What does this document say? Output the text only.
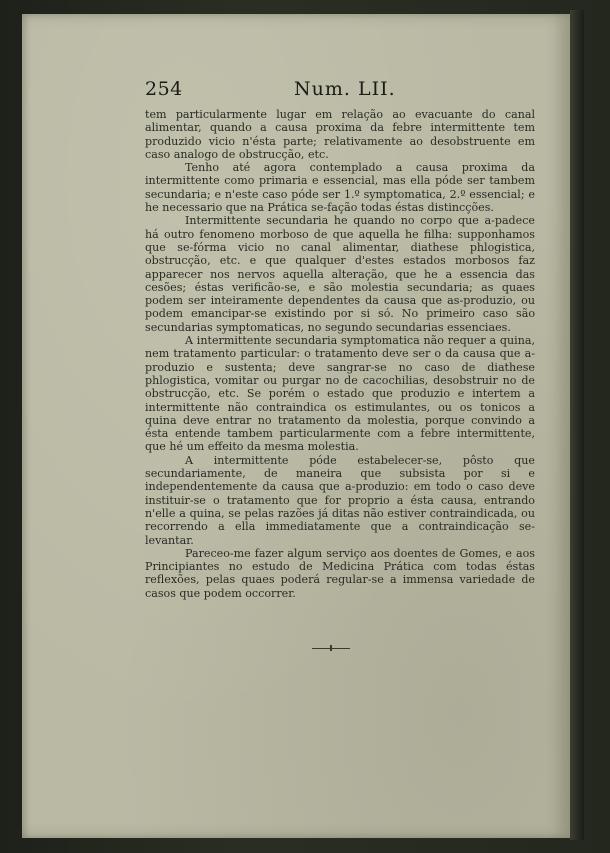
254	Num. LII.

tem particularmente lugar em relação ao evacuante do canal alimentar, quando a causa proxima da febre intermittente tem produzido vicio n'ésta parte; relativamente ao desobstruente em caso analogo de obstrucção, etc.

Tenho até agora contemplado a causa proxima da intermittente como primaria e essencial, mas ella póde ser tambem secundaria; e n'este caso póde ser 1.º symptomatica, 2.º essencial; e he necessario que na Prática se-fação todas éstas distincções.

Intermittente secundaria he quando no corpo que a-padece há outro fenomeno morboso de que aquella he filha: supponhamos que se-fórma vicio no canal alimentar, diathese phlogistica, obstrucção, etc. e que qualquer d'estes estados morbosos faz apparecer nos nervos aquella alteração, que he a essencia das cesões; éstas verificão-se, e são molestia secundaria; as quaes podem ser inteiramente dependentes da causa que as-produzio, ou podem emancipar-se existindo por si só. No primeiro caso são secundarias symptomaticas, no segundo secundarias essenciaes.

A intermittente secundaria symptomatica não requer a quina, nem tratamento particular: o tratamento deve ser o da causa que a-produzio e sustenta; deve sangrar-se no caso de diathese phlogistica, vomitar ou purgar no de cacochilias, desobstruir no de obstrucção, etc. Se porém o estado que produzio e intertem a intermittente não contraindica os estimulantes, ou os tonicos a quina deve entrar no tratamento da molestia, porque convindo a ésta entende tambem particularmente com a febre intermittente, que hé um effeito da mesma molestia.

A intermittente póde estabelecer-se, pôsto que secundariamente, de maneira que subsista por si e independentemente da causa que a-produzio: em todo o caso deve instituir-se o tratamento que for proprio a ésta causa, entrando n'elle a quina, se pelas razões já ditas não estiver contraindicada, ou recorrendo a ella immediatamente que a contraindicação se-levantar.

Pareceo-me fazer algum serviço aos doentes de Gomes, e aos Principiantes no estudo de Medicina Prática com todas éstas reflexões, pelas quaes poderá regular-se a immensa variedade de casos que podem occorrer.
